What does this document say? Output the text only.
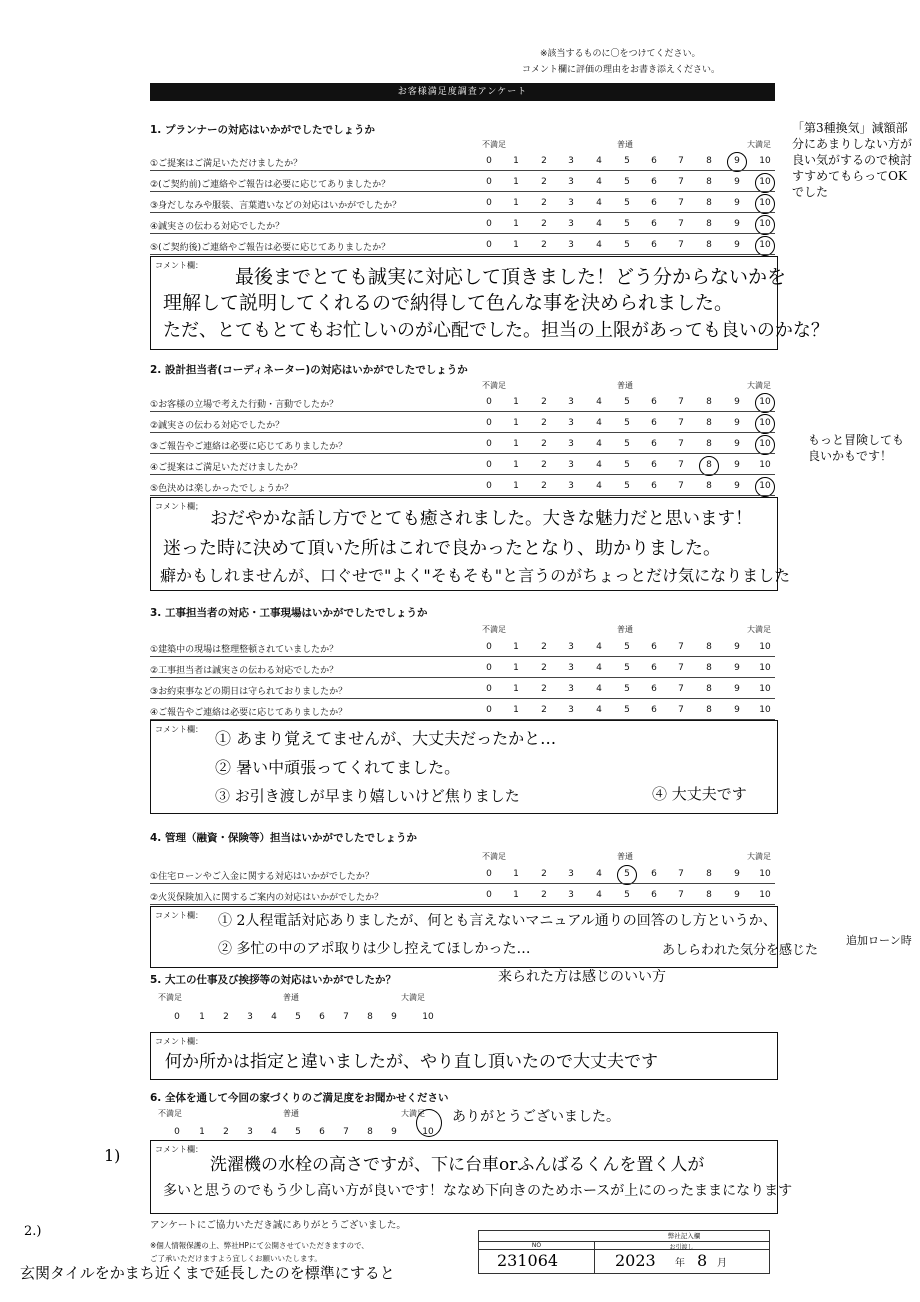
※該当するものに〇をつけてください。
コメント欄に評価の理由をお書き添えください。
お客様満足度調査アンケート
1. プランナーの対応はいかがでしたでしょうか
不満足	普通	大満足
①ご提案はご満足いただけましたか？	0	1	2	3	4	5	6	7	8	9	10
②(ご契約前)ご連絡やご報告は必要に応じてありましたか？	0	1	2	3	4	5	6	7	8	9	10
③身だしなみや服装、言葉遣いなどの対応はいかがでしたか？	0	1	2	3	4	5	6	7	8	9	10
④誠実さの伝わる対応でしたか？	0	1	2	3	4	5	6	7	8	9	10
⑤(ご契約後)ご連絡やご報告は必要に応じてありましたか？	0	1	2	3	4	5	6	7	8	9	10
コメント欄：
最後までとても誠実に対応して頂きました！どう分からないかを
理解して説明してくれるので納得して色んな事を決められました。
ただ、とてもとてもお忙しいのが心配でした。担当の上限があっても良いのかな？
「第3種換気」減額部分にあまりしない方が良い気がするので検討すすめてもらってOKでした
2. 設計担当者(コーディネーター)の対応はいかがでしたでしょうか
不満足	普通	大満足
①お客様の立場で考えた行動・言動でしたか？	0	1	2	3	4	5	6	7	8	9	10
②誠実さの伝わる対応でしたか？	0	1	2	3	4	5	6	7	8	9	10
③ご報告やご連絡は必要に応じてありましたか？	0	1	2	3	4	5	6	7	8	9	10
④ご提案はご満足いただけましたか？	0	1	2	3	4	5	6	7	8	9	10
⑤色決めは楽しかったでしょうか？	0	1	2	3	4	5	6	7	8	9	10
コメント欄；
おだやかな話し方でとても癒されました。大きな魅力だと思います！
迷った時に決めて頂いた所はこれで良かったとなり、助かりました。
癖かもしれませんが、口ぐせで"よく"そもそも"と言うのがちょっとだけ気になりました
もっと冒険しても良いかもです！
3. 工事担当者の対応・工事現場はいかがでしたでしょうか
不満足	普通	大満足
①建築中の現場は整理整頓されていましたか？	0	1	2	3	4	5	6	7	8	9	10
②工事担当者は誠実さの伝わる対応でしたか？	0	1	2	3	4	5	6	7	8	9	10
③お約束事などの期日は守られておりましたか？	0	1	2	3	4	5	6	7	8	9	10
④ご報告やご連絡は必要に応じてありましたか？	0	1	2	3	4	5	6	7	8	9	10
コメント欄： ① あまり覚えてませんが、大丈夫だったかと…
② 暑い中頑張ってくれてました。
③ お引き渡しが早まり嬉しいけど焦りました	④ 大丈夫です
4. 管理（融資・保険等）担当はいかがでしたでしょうか
不満足	普通	大満足
①住宅ローンやご入金に関する対応はいかがでしたか？	0	1	2	3	4	5	6	7	8	9	10
②火災保険加入に関するご案内の対応はいかがでしたか？	0	1	2	3	4	5	6	7	8	9	10
コメント欄： ① 2人程電話対応ありましたが、何とも言えないマニュアル通りの回答のし方というか、
② 多忙の中のアポ取りは少し控えてほしかった…	あしらわれた気分を感じた
追加ローン時
来られた方は感じのいい方
5. 大工の仕事及び挨拶等の対応はいかがでしたか？
不満足	普通	大満足
0	1	2	3	4	5	6	7	8	9	10
コメント欄：
何か所かは指定と違いましたが、やり直し頂いたので大丈夫です
6. 全体を通して今回の家づくりのご満足度をお聞かせください
不満足	普通	大満足
0	1	2	3	4	5	6	7	8	9	10
ありがとうございました。
コメント欄：
洗濯機の水栓の高さですが、下に台車orふんばるくんを置く人が
多いと思うのでもう少し高い方が良いです！ななめ下向きのためホースが上にのったままになります
1)
2.)
玄関タイルをかまち近くまで延長したのを標準にすると
アンケートにご協力いただき誠にありがとうございました。
※個人情報保護の上、弊社HPにて公開させていただきますので、
ご了承いただけますよう宜しくお願いいたします。
弊社記入欄
NO	お引渡し
231064	2023 年 8 月
